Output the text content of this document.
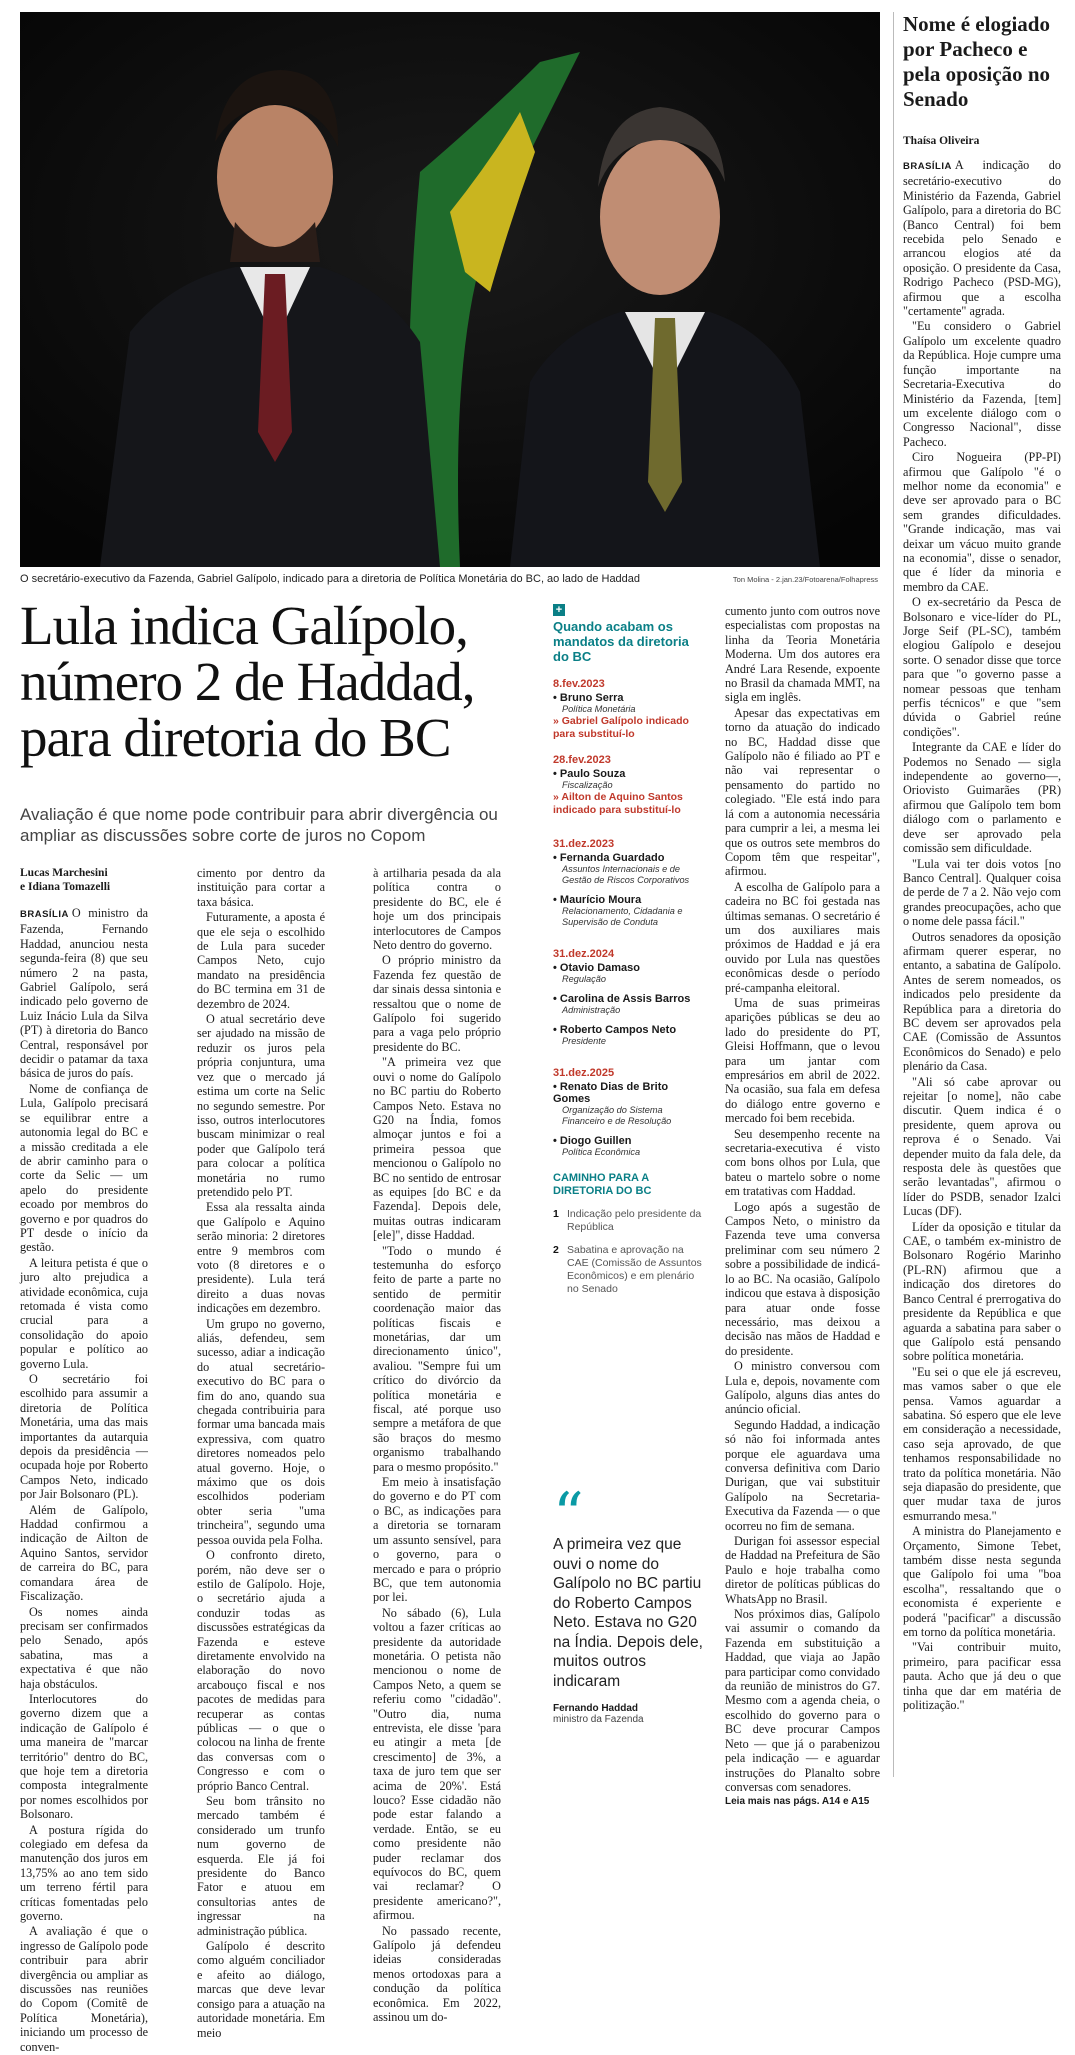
O secretário-executivo da Fazenda, Gabriel Galípolo, indicado para a diretoria de Política Monetária do BC, ao lado de Haddad	Ton Molina - 2.jan.23/Fotoarena/Folhapress
Lula indica Galípolo, número 2 de Haddad, para diretoria do BC
Avaliação é que nome pode contribuir para abrir divergência ou ampliar as discussões sobre corte de juros no Copom
Lucas Marchesini
e Idiana Tomazelli

BRASÍLIA O ministro da Fazenda, Fernando Haddad, anunciou nesta segunda-feira (8) que seu número 2 na pasta, Gabriel Galípolo, será indicado pelo governo de Luiz Inácio Lula da Silva (PT) à diretoria do Banco Central, responsável por decidir o patamar da taxa básica de juros do país.

Nome de confiança de Lula, Galípolo precisará se equilibrar entre a autonomia legal do BC e a missão creditada a ele de abrir caminho para o corte da Selic — um apelo do presidente ecoado por membros do governo e por quadros do PT desde o início da gestão.

A leitura petista é que o juro alto prejudica a atividade econômica, cuja retomada é vista como crucial para a consolidação do apoio popular e político ao governo Lula.

O secretário foi escolhido para assumir a diretoria de Política Monetária, uma das mais importantes da autarquia depois da presidência — ocupada hoje por Roberto Campos Neto, indicado por Jair Bolsonaro (PL).

Além de Galípolo, Haddad confirmou a indicação de Ailton de Aquino Santos, servidor de carreira do BC, para comandara área de Fiscalização.

Os nomes ainda precisam ser confirmados pelo Senado, após sabatina, mas a expectativa é que não haja obstáculos.

Interlocutores do governo dizem que a indicação de Galípolo é uma maneira de "marcar território" dentro do BC, que hoje tem a diretoria composta integralmente por nomes escolhidos por Bolsonaro.

A postura rígida do colegiado em defesa da manutenção dos juros em 13,75% ao ano tem sido um terreno fértil para críticas fomentadas pelo governo.

A avaliação é que o ingresso de Galípolo pode contribuir para abrir divergência ou ampliar as discussões nas reuniões do Copom (Comitê de Política Monetária), iniciando um processo de conven-

cimento por dentro da instituição para cortar a taxa básica.

Futuramente, a aposta é que ele seja o escolhido de Lula para suceder Campos Neto, cujo mandato na presidência do BC termina em 31 de dezembro de 2024.

O atual secretário deve ser ajudado na missão de reduzir os juros pela própria conjuntura, uma vez que o mercado já estima um corte na Selic no segundo semestre. Por isso, outros interlocutores buscam minimizar o real poder que Galípolo terá para colocar a política monetária no rumo pretendido pelo PT.

Essa ala ressalta ainda que Galípolo e Aquino serão minoria: 2 diretores entre 9 membros com voto (8 diretores e o presidente). Lula terá direito a duas novas indicações em dezembro.

Um grupo no governo, aliás, defendeu, sem sucesso, adiar a indicação do atual secretário-executivo do BC para o fim do ano, quando sua chegada contribuiria para formar uma bancada mais expressiva, com quatro diretores nomeados pelo atual governo. Hoje, o máximo que os dois escolhidos poderiam obter seria "uma trincheira", segundo uma pessoa ouvida pela Folha.

O confronto direto, porém, não deve ser o estilo de Galípolo. Hoje, o secretário ajuda a conduzir todas as discussões estratégicas da Fazenda e esteve diretamente envolvido na elaboração do novo arcabouço fiscal e nos pacotes de medidas para recuperar as contas públicas — o que o colocou na linha de frente das conversas com o Congresso e com o próprio Banco Central.

Seu bom trânsito no mercado também é considerado um trunfo num governo de esquerda. Ele já foi presidente do Banco Fator e atuou em consultorias antes de ingressar na administração pública.

Galípolo é descrito como alguém conciliador e afeito ao diálogo, marcas que deve levar consigo para a atuação na autoridade monetária. Em meio

à artilharia pesada da ala política contra o presidente do BC, ele é hoje um dos principais interlocutores de Campos Neto dentro do governo.

O próprio ministro da Fazenda fez questão de dar sinais dessa sintonia e ressaltou que o nome de Galípolo foi sugerido para a vaga pelo próprio presidente do BC.

"A primeira vez que ouvi o nome do Galípolo no BC partiu do Roberto Campos Neto. Estava no G20 na Índia, fomos almoçar juntos e foi a primeira pessoa que mencionou o Galípolo no BC no sentido de entrosar as equipes [do BC e da Fazenda]. Depois dele, muitas outras indicaram [ele]", disse Haddad.

"Todo o mundo é testemunha do esforço feito de parte a parte no sentido de permitir coordenação maior das políticas fiscais e monetárias, dar um direcionamento único", avaliou. "Sempre fui um crítico do divórcio da política monetária e fiscal, até porque uso sempre a metáfora de que são braços do mesmo organismo trabalhando para o mesmo propósito."

Em meio à insatisfação do governo e do PT com o BC, as indicações para a diretoria se tornaram um assunto sensível, para o governo, para o mercado e para o próprio BC, que tem autonomia por lei.

No sábado (6), Lula voltou a fazer críticas ao presidente da autoridade monetária. O petista não mencionou o nome de Campos Neto, a quem se referiu como "cidadão". "Outro dia, numa entrevista, ele disse 'para eu atingir a meta [de crescimento] de 3%, a taxa de juro tem que ser acima de 20%'. Está louco? Esse cidadão não pode estar falando a verdade. Então, se eu como presidente não puder reclamar dos equívocos do BC, quem vai reclamar? O presidente americano?", afirmou.

No passado recente, Galípolo já defendeu ideias consideradas menos ortodoxas para a condução da política econômica. Em 2022, assinou um do-

+
Quando acabam os mandatos da diretoria do BC
8.fev.2023
• Bruno Serra
Política Monetária
» Gabriel Galípolo indicado para substituí-lo
28.fev.2023
• Paulo Souza
Fiscalização
» Ailton de Aquino Santos indicado para substituí-lo
31.dez.2023
• Fernanda Guardado
Assuntos Internacionais e de Gestão de Riscos Corporativos
• Maurício Moura
Relacionamento, Cidadania e Supervisão de Conduta
31.dez.2024
• Otavio Damaso
Regulação
• Carolina de Assis Barros
Administração
• Roberto Campos Neto
Presidente
31.dez.2025
• Renato Dias de Brito Gomes
Organização do Sistema Financeiro e de Resolução
• Diogo Guillen
Política Econômica
CAMINHO PARA A DIRETORIA DO BC
1 Indicação pelo presidente da República
2 Sabatina e aprovação na CAE (Comissão de Assuntos Econômicos) e em plenário no Senado
“
A primeira vez que ouvi o nome do Galípolo no BC partiu do Roberto Campos Neto. Estava no G20 na Índia. Depois dele, muitos outros indicaram
Fernando Haddad
ministro da Fazenda

cumento junto com outros nove especialistas com propostas na linha da Teoria Monetária Moderna. Um dos autores era André Lara Resende, expoente no Brasil da chamada MMT, na sigla em inglês.

Apesar das expectativas em torno da atuação do indicado no BC, Haddad disse que Galípolo não é filiado ao PT e não vai representar o pensamento do partido no colegiado. "Ele está indo para lá com a autonomia necessária para cumprir a lei, a mesma lei que os outros sete membros do Copom têm que respeitar", afirmou.

A escolha de Galípolo para a cadeira no BC foi gestada nas últimas semanas. O secretário é um dos auxiliares mais próximos de Haddad e já era ouvido por Lula nas questões econômicas desde o período pré-campanha eleitoral.

Uma de suas primeiras aparições públicas se deu ao lado do presidente do PT, Gleisi Hoffmann, que o levou para um jantar com empresários em abril de 2022. Na ocasião, sua fala em defesa do diálogo entre governo e mercado foi bem recebida.

Seu desempenho recente na secretaria-executiva é visto com bons olhos por Lula, que bateu o martelo sobre o nome em tratativas com Haddad.

Logo após a sugestão de Campos Neto, o ministro da Fazenda teve uma conversa preliminar com seu número 2 sobre a possibilidade de indicá-lo ao BC. Na ocasião, Galípolo indicou que estava à disposição para atuar onde fosse necessário, mas deixou a decisão nas mãos de Haddad e do presidente.

O ministro conversou com Lula e, depois, novamente com Galípolo, alguns dias antes do anúncio oficial.

Segundo Haddad, a indicação só não foi informada antes porque ele aguardava uma conversa definitiva com Dario Durigan, que vai substituir Galípolo na Secretaria-Executiva da Fazenda — o que ocorreu no fim de semana.

Durigan foi assessor especial de Haddad na Prefeitura de São Paulo e hoje trabalha como diretor de políticas públicas do WhatsApp no Brasil.

Nos próximos dias, Galípolo vai assumir o comando da Fazenda em substituição a Haddad, que viaja ao Japão para participar como convidado da reunião de ministros do G7. Mesmo com a agenda cheia, o escolhido do governo para o BC deve procurar Campos Neto — que já o parabenizou pela indicação — e aguardar instruções do Planalto sobre conversas com senadores.

Leia mais nas págs. A14 e A15
Nome é elogiado por Pacheco e pela oposição no Senado
Thaísa Oliveira

BRASÍLIA A indicação do secretário-executivo do Ministério da Fazenda, Gabriel Galípolo, para a diretoria do BC (Banco Central) foi bem recebida pelo Senado e arrancou elogios até da oposição. O presidente da Casa, Rodrigo Pacheco (PSD-MG), afirmou que a escolha "certamente" agrada.

"Eu considero o Gabriel Galípolo um excelente quadro da República. Hoje cumpre uma função importante na Secretaria-Executiva do Ministério da Fazenda, [tem] um excelente diálogo com o Congresso Nacional", disse Pacheco.

Ciro Nogueira (PP-PI) afirmou que Galípolo "é o melhor nome da economia" e deve ser aprovado para o BC sem grandes dificuldades. "Grande indicação, mas vai deixar um vácuo muito grande na economia", disse o senador, que é líder da minoria e membro da CAE.

O ex-secretário da Pesca de Bolsonaro e vice-líder do PL, Jorge Seif (PL-SC), também elogiou Galípolo e desejou sorte. O senador disse que torce para que "o governo passe a nomear pessoas que tenham perfis técnicos" e que "sem dúvida o Gabriel reúne condições".

Integrante da CAE e líder do Podemos no Senado — sigla independente ao governo—, Oriovisto Guimarães (PR) afirmou que Galípolo tem bom diálogo com o parlamento e deve ser aprovado pela comissão sem dificuldade.

"Lula vai ter dois votos [no Banco Central]. Qualquer coisa de perde de 7 a 2. Não vejo com grandes preocupações, acho que o nome dele passa fácil."

Outros senadores da oposição afirmam querer esperar, no entanto, a sabatina de Galípolo. Antes de serem nomeados, os indicados pelo presidente da República para a diretoria do BC devem ser aprovados pela CAE (Comissão de Assuntos Econômicos do Senado) e pelo plenário da Casa.

"Ali só cabe aprovar ou rejeitar [o nome], não cabe discutir. Quem indica é o presidente, quem aprova ou reprova é o Senado. Vai depender muito da fala dele, da resposta dele às questões que serão levantadas", afirmou o líder do PSDB, senador Izalci Lucas (DF).

Líder da oposição e titular da CAE, o também ex-ministro de Bolsonaro Rogério Marinho (PL-RN) afirmou que a indicação dos diretores do Banco Central é prerrogativa do presidente da República e que aguarda a sabatina para saber o que Galípolo está pensando sobre política monetária.

"Eu sei o que ele já escreveu, mas vamos saber o que ele pensa. Vamos aguardar a sabatina. Só espero que ele leve em consideração a necessidade, caso seja aprovado, de que tenhamos responsabilidade no trato da política monetária. Não seja diapasão do presidente, que quer mudar taxa de juros esmurrando mesa."

A ministra do Planejamento e Orçamento, Simone Tebet, também disse nesta segunda que Galípolo foi uma "boa escolha", ressaltando que o economista é experiente e poderá "pacificar" a discussão em torno da política monetária.

"Vai contribuir muito, primeiro, para pacificar essa pauta. Acho que já deu o que tinha que dar em matéria de politização."
